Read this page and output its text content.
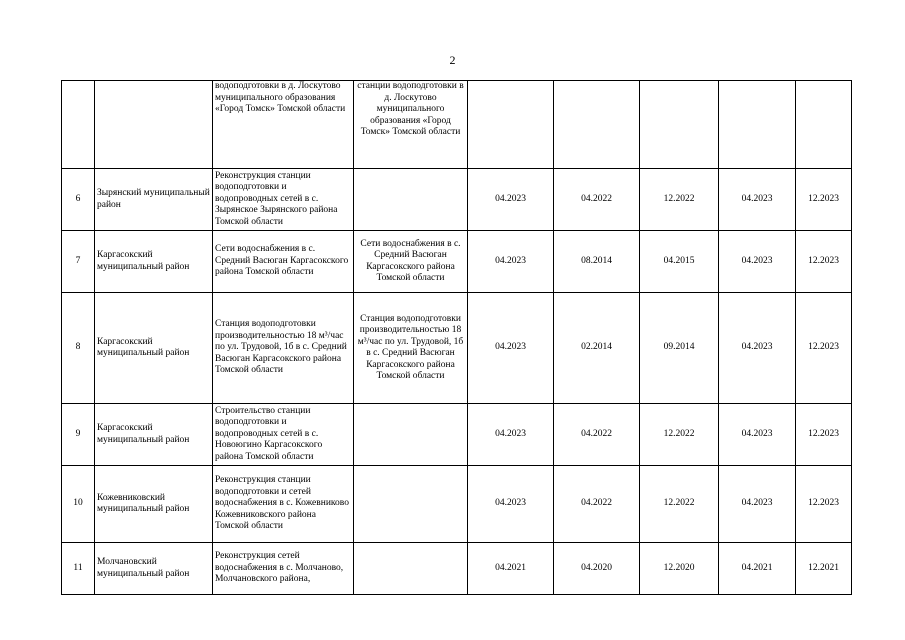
2
		водоподготовки в д. Лоскутово муниципального образования «Город Томск» Томской области	станции водоподготовки в д. Лоскутово муниципального образования «Город Томск» Томской области					
6	Зырянский муниципальный район	Реконструкция станции водоподготовки и водопроводных сетей в с. Зырянское Зырянского района Томской области		04.2023	04.2022	12.2022	04.2023	12.2023
7	Каргасокский муниципальный район	Сети водоснабжения в с. Средний Васюган Каргасокского района Томской области	Сети водоснабжения в с. Средний Васюган Каргасокского района Томской области	04.2023	08.2014	04.2015	04.2023	12.2023
8	Каргасокский муниципальный район	Станция водоподготовки производительностью 18 м³/час по ул. Трудовой, 1б в с. Средний Васюган Каргасокского района Томской области	Станция водоподготовки производительностью 18 м³/час по ул. Трудовой, 1б в с. Средний Васюган Каргасокского района Томской области	04.2023	02.2014	09.2014	04.2023	12.2023
9	Каргасокский муниципальный район	Строительство станции водоподготовки и водопроводных сетей в с. Новоюгино Каргасокского района Томской области		04.2023	04.2022	12.2022	04.2023	12.2023
10	Кожевниковский муниципальный район	Реконструкция станции водоподготовки и сетей водоснабжения в с. Кожевниково Кожевниковского района Томской области		04.2023	04.2022	12.2022	04.2023	12.2023
11	Молчановский муниципальный район	Реконструкция сетей водоснабжения в с. Молчаново, Молчановского района,		04.2021	04.2020	12.2020	04.2021	12.2021
